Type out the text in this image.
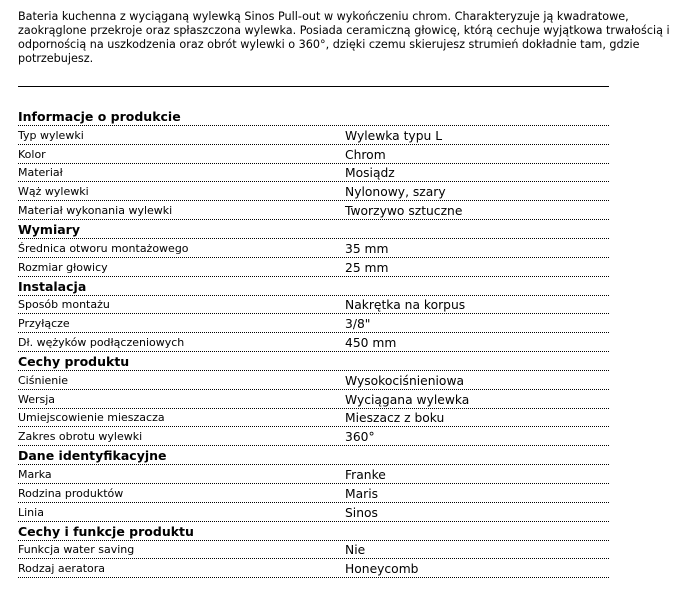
Bateria kuchenna z wyciąganą wylewką Sinos Pull-out w wykończeniu chrom. Charakteryzuje ją kwadratowe, zaokrąglone przekroje oraz spłaszczona wylewka. Posiada ceramiczną głowicę, którą cechuje wyjątkowa trwałością i odpornością na uszkodzenia oraz obrót wylewki o 360°, dzięki czemu skierujesz strumień dokładnie tam, gdzie potrzebujesz.

Informacje o produkcie
Typ wylewki	Wylewka typu L
Kolor	Chrom
Materiał	Mosiądz
Wąż wylewki	Nylonowy, szary
Materiał wykonania wylewki	Tworzywo sztuczne
Wymiary
Średnica otworu montażowego	35 mm
Rozmiar głowicy	25 mm
Instalacja
Sposób montażu	Nakrętka na korpus
Przyłącze	3/8"
Dł. wężyków podłączeniowych	450 mm
Cechy produktu
Ciśnienie	Wysokociśnieniowa
Wersja	Wyciągana wylewka
Umiejscowienie mieszacza	Mieszacz z boku
Zakres obrotu wylewki	360°
Dane identyfikacyjne
Marka	Franke
Rodzina produktów	Maris
Linia	Sinos
Cechy i funkcje produktu
Funkcja water saving	Nie
Rodzaj aeratora	Honeycomb
